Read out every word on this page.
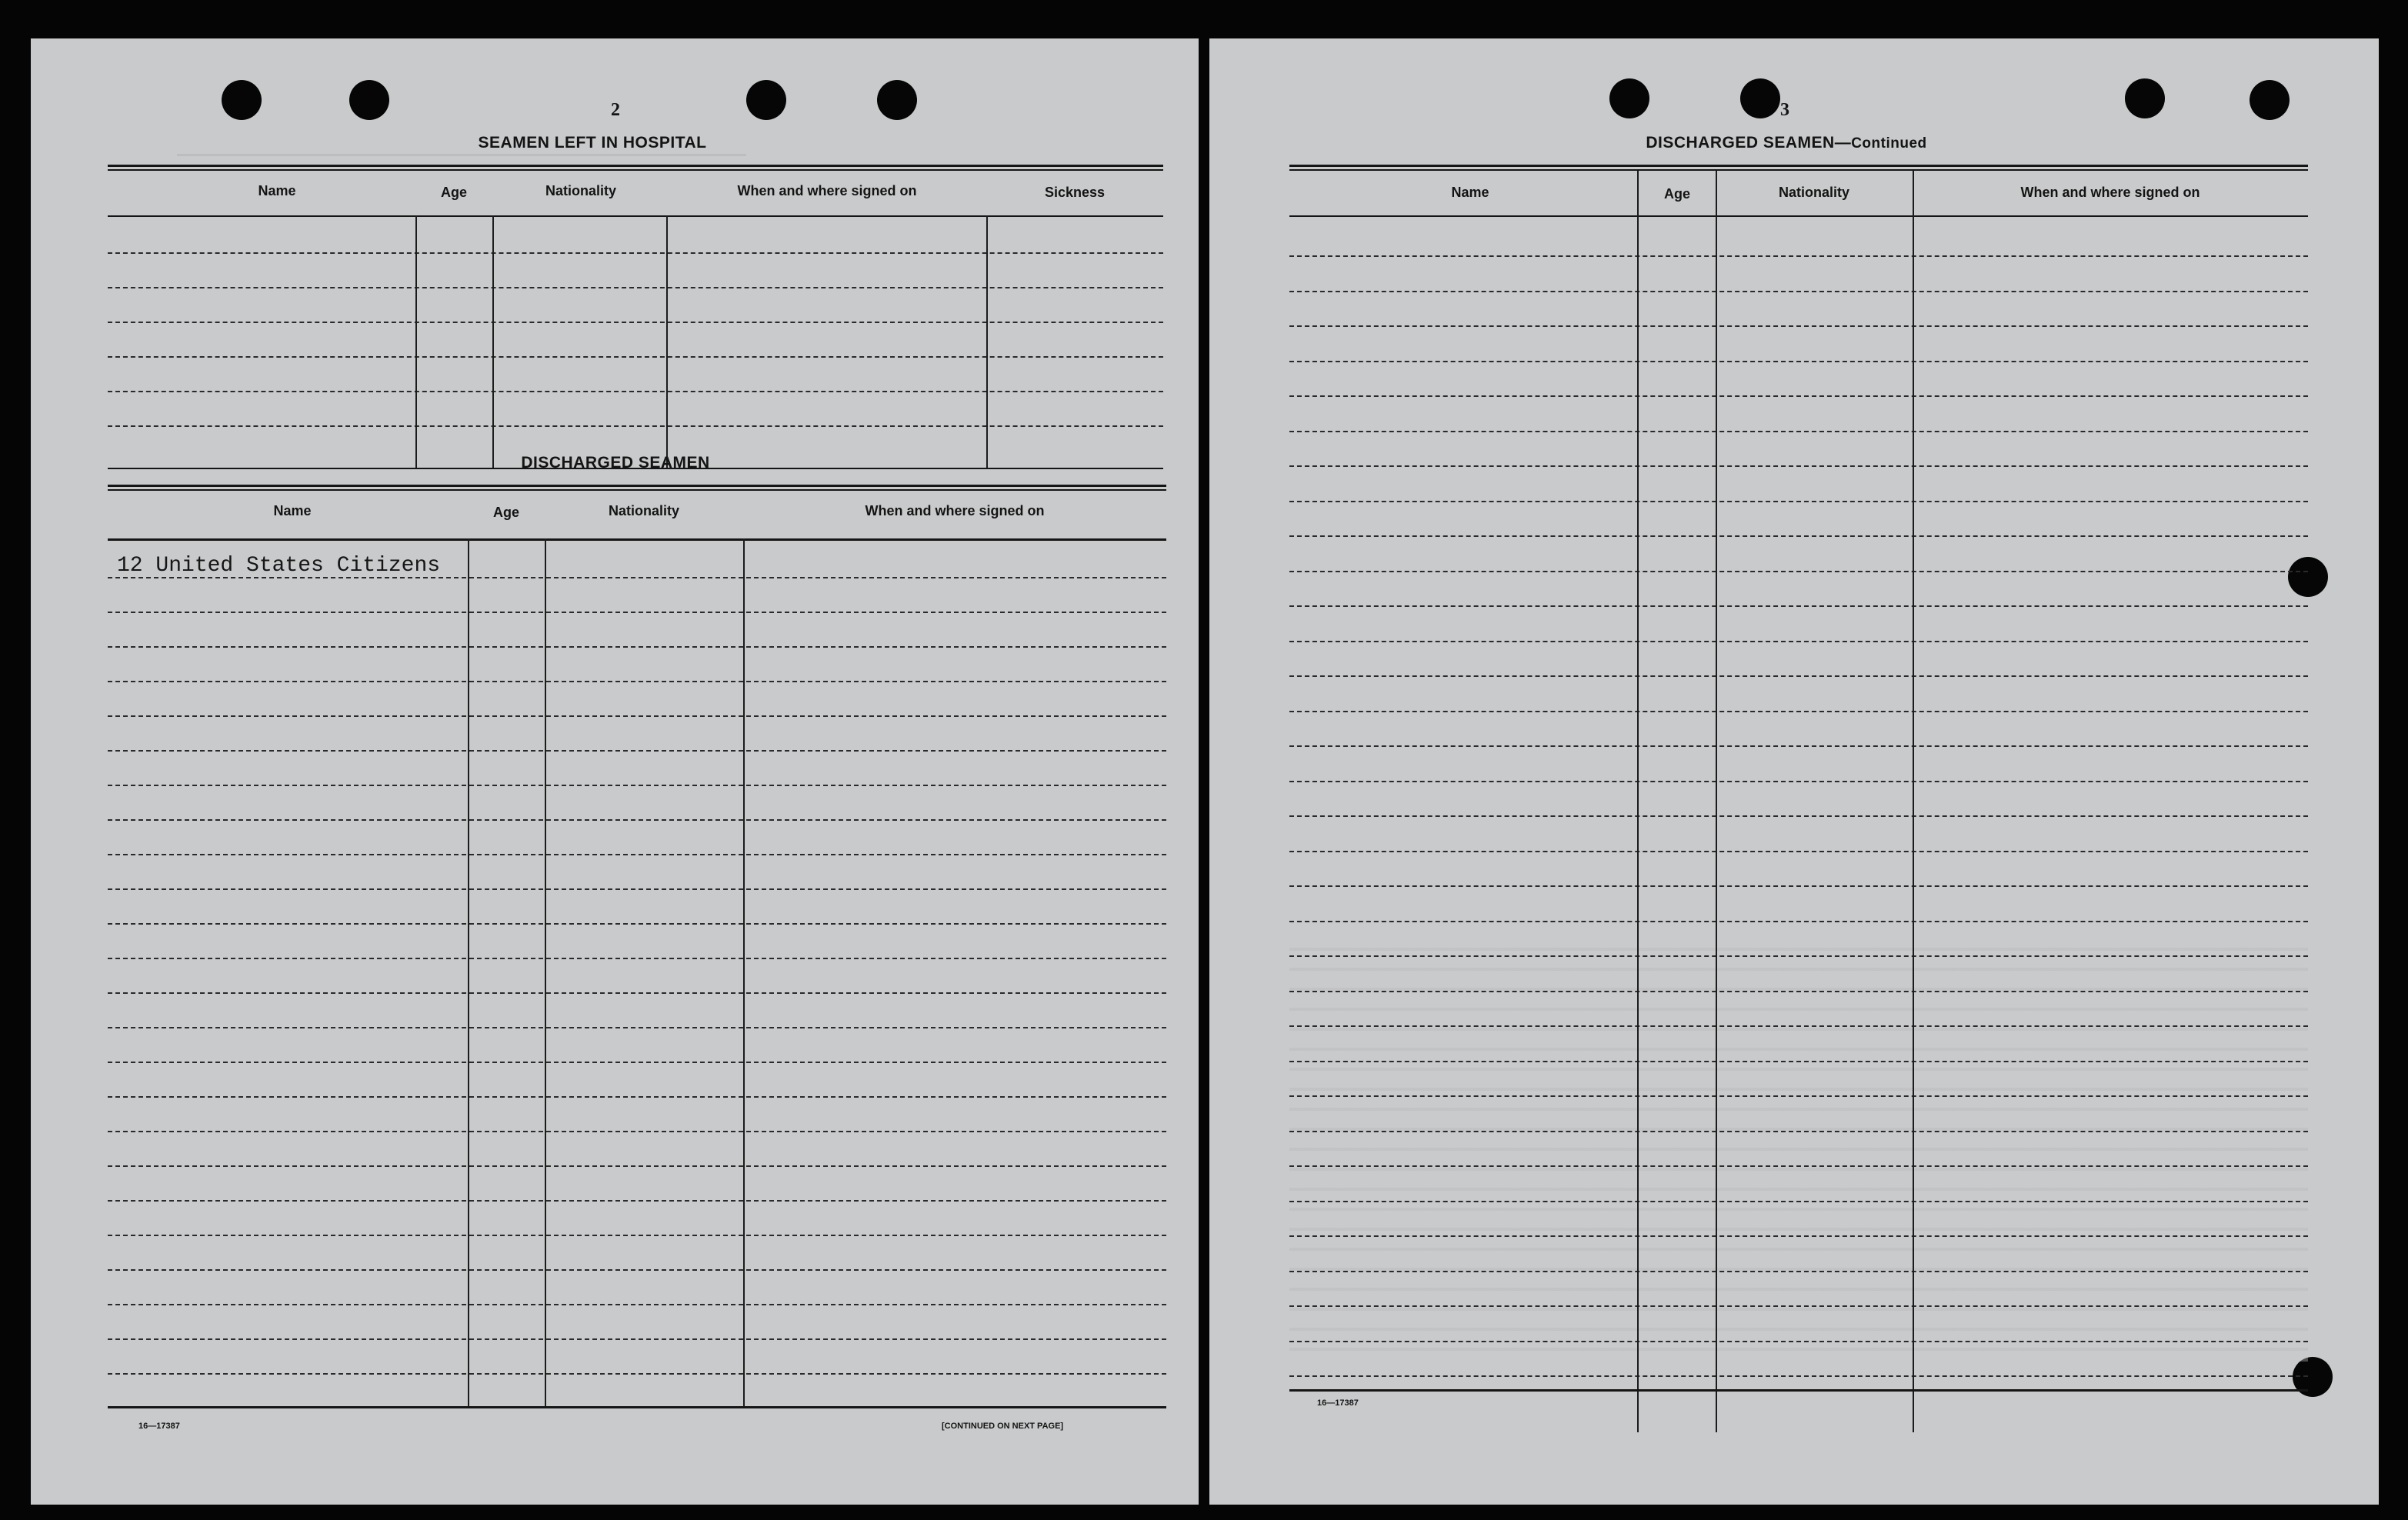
2
SEAMEN LEFT IN HOSPITAL
Name	Age	Nationality	When and where signed on	Sickness
DISCHARGED SEAMEN
Name	Age	Nationality	When and where signed on
12 United States Citizens
16—17387	[CONTINUED ON NEXT PAGE]
3
DISCHARGED SEAMEN—Continued
Name	Age	Nationality	When and where signed on
16—17387
